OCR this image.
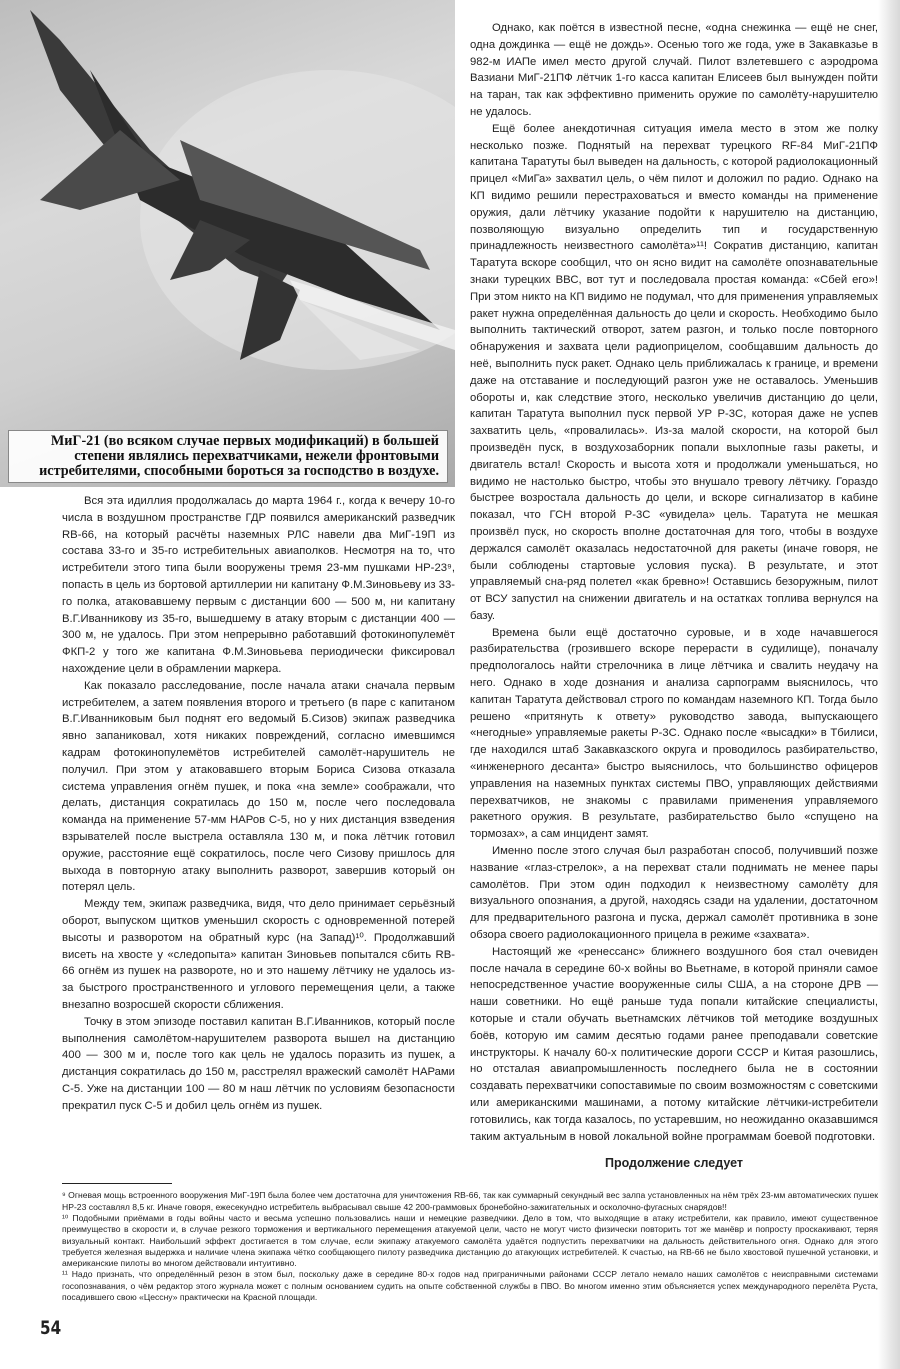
МиГ-21 (во всяком случае первых модификаций) в большей степени являлись перехватчиками, нежели фронтовыми истребителями, способными бороться за господство в воздухе.

Вся эта идиллия продолжалась до марта 1964 г., когда к вечеру 10-го числа в воздушном пространстве ГДР появился американский разведчик RB-66, на который расчёты наземных РЛС навели два МиГ-19П из состава 33-го и 35-го истребительных авиаполков. Несмотря на то, что истребители этого типа были вооружены тремя 23-мм пушками НР-23⁹, попасть в цель из бортовой артиллерии ни капитану Ф.М.Зиновьеву из 33-го полка, атаковавшему первым с дистанции 600 — 500 м, ни капитану В.Г.Иванникову из 35-го, вышедшему в атаку вторым с дистанции 400 — 300 м, не удалось. При этом непрерывно работавший фотокинопулемёт ФКП-2 у того же капитана Ф.М.Зиновьева периодически фиксировал нахождение цели в обрамлении маркера.

Как показало расследование, после начала атаки сначала первым истребителем, а затем появления второго и третьего (в паре с капитаном В.Г.Иванниковым был поднят его ведомый Б.Сизов) экипаж разведчика явно запаниковал, хотя никаких повреждений, согласно имевшимся кадрам фотокинопулемётов истребителей самолёт-нарушитель не получил. При этом у атаковавшего вторым Бориса Сизова отказала система управления огнём пушек, и пока «на земле» соображали, что делать, дистанция сократилась до 150 м, после чего последовала команда на применение 57-мм НАРов С-5, но у них дистанция взведения взрывателей после выстрела оставляла 130 м, и пока лётчик готовил оружие, расстояние ещё сократилось, после чего Сизову пришлось для выхода в повторную атаку выполнить разворот, завершив который он потерял цель.

Между тем, экипаж разведчика, видя, что дело принимает серьёзный оборот, выпуском щитков уменьшил скорость с одновременной потерей высоты и разворотом на обратный курс (на Запад)¹⁰. Продолжавший висеть на хвосте у «следопыта» капитан Зиновьев попытался сбить RB-66 огнём из пушек на развороте, но и это нашему лётчику не удалось из-за быстрого пространственного и углового перемещения цели, а также внезапно возросшей скорости сближения.

Точку в этом эпизоде поставил капитан В.Г.Иванников, который после выполнения самолётом-нарушителем разворота вышел на дистанцию 400 — 300 м и, после того как цель не удалось поразить из пушек, а дистанция сократилась до 150 м, расстрелял вражеский самолёт НАРами С-5. Уже на дистанции 100 — 80 м наш лётчик по условиям безопасности прекратил пуск С-5 и добил цель огнём из пушек.

Однако, как поётся в известной песне, «одна снежинка — ещё не снег, одна дождинка — ещё не дождь». Осенью того же года, уже в Закавказье в 982-м ИАПе имел место другой случай. Пилот взлетевшего с аэродрома Вазиани МиГ-21ПФ лётчик 1-го касса капитан Елисеев был вынужден пойти на таран, так как эффективно применить оружие по самолёту-нарушителю не удалось.

Ещё более анекдотичная ситуация имела место в этом же полку несколько позже. Поднятый на перехват турецкого RF-84 МиГ-21ПФ капитана Таратуты был выведен на дальность, с которой радиолокационный прицел «МиГа» захватил цель, о чём пилот и доложил по радио. Однако на КП видимо решили перестраховаться и вместо команды на применение оружия, дали лётчику указание подойти к нарушителю на дистанцию, позволяющую визуально определить тип и государственную принадлежность неизвестного самолёта»¹¹! Сократив дистанцию, капитан Таратута вскоре сообщил, что он ясно видит на самолёте опознавательные знаки турецких ВВС, вот тут и последовала простая команда: «Сбей его»! При этом никто на КП видимо не подумал, что для применения управляемых ракет нужна определённая дальность до цели и скорость. Необходимо было выполнить тактический отворот, затем разгон, и только после повторного обнаружения и захвата цели радиоприцелом, сообщавшим дальность до неё, выполнить пуск ракет. Однако цель приближалась к границе, и времени даже на отставание и последующий разгон уже не оставалось. Уменьшив обороты и, как следствие этого, несколько увеличив дистанцию до цели, капитан Таратута выполнил пуск первой УР Р-3С, которая даже не успев захватить цель, «провалилась». Из-за малой скорости, на которой был произведён пуск, в воздухозаборник попали выхлопные газы ракеты, и двигатель встал! Скорость и высота хотя и продолжали уменьшаться, но видимо не настолько быстро, чтобы это внушало тревогу лётчику. Гораздо быстрее возростала дальность до цели, и вскоре сигнализатор в кабине показал, что ГСН второй Р-3С «увидела» цель. Таратута не мешкая произвёл пуск, но скорость вполне достаточная для того, чтобы в воздухе держался самолёт оказалась недостаточной для ракеты (иначе говоря, не были соблюдены стартовые условия пуска). В результате, и этот управляемый сна-ряд полетел «как бревно»! Оставшись безоружным, пилот от ВСУ запустил на снижении двигатель и на остатках топлива вернулся на базу.

Времена были ещё достаточно суровые, и в ходе начавшегося разбирательства (грозившего вскоре перерасти в судилище), поначалу предпологалось найти стрелочника в лице лётчика и свалить неудачу на него. Однако в ходе дознания и анализа сарпограмм выяснилось, что капитан Таратута действовал строго по командам наземного КП. Тогда было решено «притянуть к ответу» руководство завода, выпускающего «негодные» управляемые ракеты Р-3С. Однако после «высадки» в Тбилиси, где находился штаб Закавказского округа и проводилось разбирательство, «инженерного десанта» быстро выяснилось, что большинство офицеров управления на наземных пунктах системы ПВО, управляющих действиями перехватчиков, не знакомы с правилами применения управляемого ракетного оружия. В результате, разбирательство было «спущено на тормозах», а сам инцидент замят.

Именно после этого случая был разработан способ, получивший позже название «глаз-стрелок», а на перехват стали поднимать не менее пары самолётов. При этом один подходил к неизвестному самолёту для визуального опознания, а другой, находясь сзади на удалении, достаточном для предварительного разгона и пуска, держал самолёт противника в зоне обзора своего радиолокационного прицела в режиме «захвата».

Настоящий же «ренессанс» ближнего воздушного боя стал очевиден после начала в середине 60-х войны во Вьетнаме, в которой приняли самое непосредственное участие вооруженные силы США, а на стороне ДРВ — наши советники. Но ещё раньше туда попали китайские специалисты, которые и стали обучать вьетнамских лётчиков той методике воздушных боёв, которую им самим десятью годами ранее преподавали советские инструкторы. К началу 60-х политические дороги СССР и Китая разошлись, но отсталая авиапромышленность последнего была не в состоянии создавать перехватчики сопоставимые по своим возможностям с советскими или американскими машинами, а потому китайские лётчики-истребители готовились, как тогда казалось, по устаревшим, но неожиданно оказавшимся таким актуальным в новой локальной войне программам боевой подготовки.

Продолжение следует

⁹ Огневая мощь встроенного вооружения МиГ-19П была более чем достаточна для уничтожения RB-66, так как суммарный секундный вес залпа установленных на нём трёх 23-мм автоматических пушек НР-23 составлял 8,5 кг. Иначе говоря, ежесекундно истребитель выбрасывал свыше 42 200-граммовых бронебойно-зажигательных и осколочно-фугасных снарядов!!

¹⁰ Подобными приёмами в годы войны часто и весьма успешно пользовались наши и немецкие разведчики. Дело в том, что выходящие в атаку истребители, как правило, имеют существенное преимущество в скорости и, в случае резкого торможения и вертикального перемещения атакуемой цели, часто не могут чисто физически повторить тот же манёвр и попросту проскакивают, теряя визуальный контакт. Наибольший эффект достигается в том случае, если экипажу атакуемого самолёта удаётся подпустить перехватчики на дальность действительного огня. Однако для этого требуется железная выдержка и наличие члена экипажа чётко сообщающего пилоту разведчика дистанцию до атакующих истребителей. К счастью, на RB-66 не было хвостовой пушечной установки, и американские пилоты во многом действовали интуитивно.

¹¹ Надо признать, что определённый резон в этом был, поскольку даже в середине 80-х годов над приграничными районами СССР летало немало наших самолётов с неисправными системами госопознавания, о чём редактор этого журнала может с полным основанием судить на опыте собственной службы в ПВО. Во многом именно этим объясняется успех международного перелёта Руста, посадившего свою «Цессну» практически на Красной площади.

54
